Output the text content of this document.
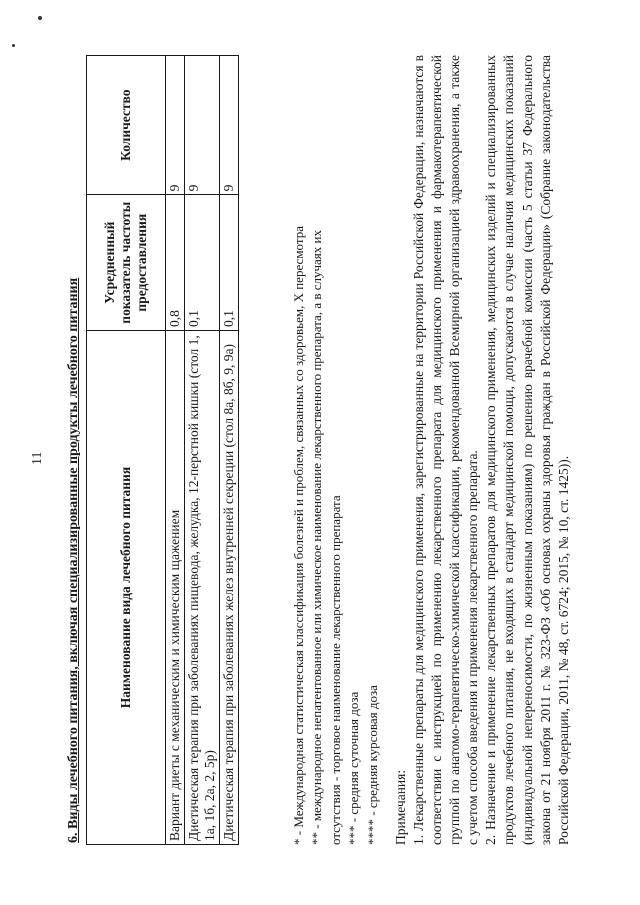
11 6. Виды лечебного питания, включая специализированные продукты лечебного питания	Наименование вида лечебного питания	Усредненный показатель частоты предоставления	Количество
Вариант диеты с механическим и химическим щажением	0,8	9
Диетическая терапия при заболеваниях пищевода, желудка, 12-перстной кишки (стол 1, 1а, 1б, 2а, 2, 5р)	0,1	9
Диетическая терапия при заболеваниях желез внутренней секреции (стол 8а, 8б, 9, 9а)	0,1	9
* - Международная статистическая классификация болезней и проблем, связанных со здоровьем, X пересмотра ** - международное непатентованное или химическое наименование лекарственного препарата, а в случаях их отсутствия - торговое наименование лекарственного препарата *** - средняя суточная доза **** - средняя курсовая доза Примечания: 1. Лекарственные препараты для медицинского применения, зарегистрированные на территории Российской Федерации, назначаются в соответствии с инструкцией по применению лекарственного препарата для медицинского применения и фармакотерапевтической группой по анатомо-терапевтическо-химической классификации, рекомендованной Всемирной организацией здравоохранения, а также с учетом способа введения и применения лекарственного препарата. 2. Назначение и применение лекарственных препаратов для медицинского применения, медицинских изделий и специализированных продуктов лечебного питания, не входящих в стандарт медицинской помощи, допускаются в случае наличия медицинских показаний (индивидуальной непереносимости, по жизненным показаниям) по решению врачебной комиссии (часть 5 статьи 37 Федерального закона от 21 ноября 2011 г. № 323-ФЗ «Об основах охраны здоровья граждан в Российской Федерации» (Собрание законодательства Российской Федерации, 2011, № 48, ст. 6724; 2015, № 10, ст. 1425)).
